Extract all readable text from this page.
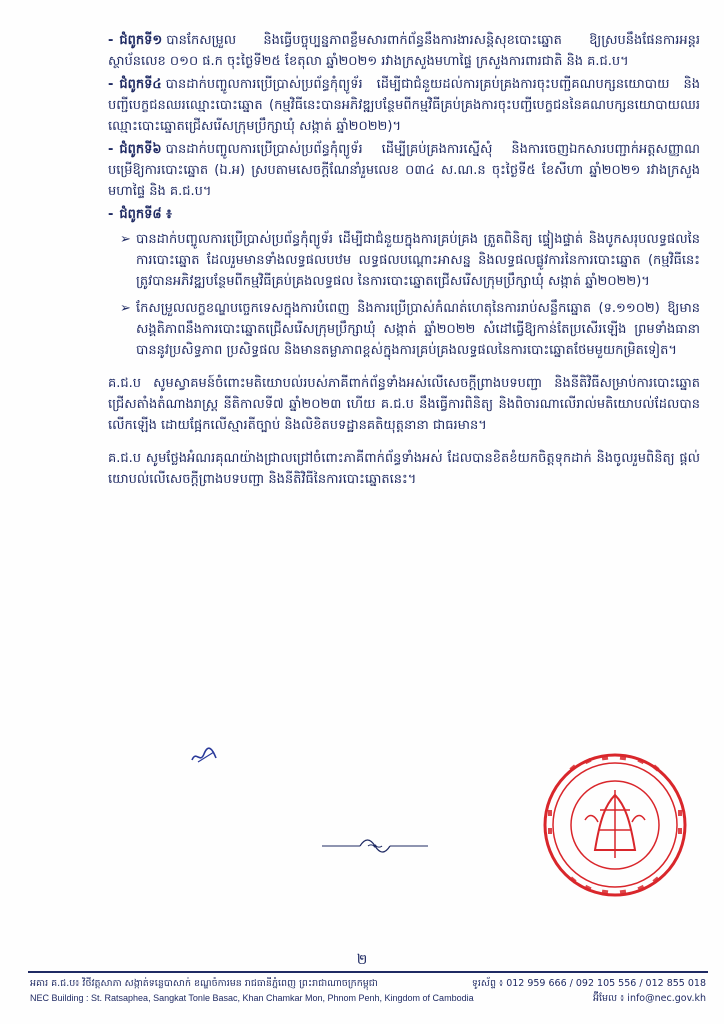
- ជំពូកទី១ បានកែសម្រួល និងធ្វើបច្ចុប្បន្នភាពខ្លឹមសារពាក់ព័ន្ធនឹងការងារសន្តិសុខបោះឆ្នោត ឱ្យស្របនឹងផែនការអន្តរស្ថាប័នលេខ ០១០ ផ.ក ចុះថ្ងៃទី២៥ ខែតុលា ឆ្នាំ២០២១ រវាងក្រសួងមហាផ្ទៃ ក្រសួងការពារជាតិ និង គ.ជ.ប។
- ជំពូកទី៤ បានដាក់បញ្ចូលការប្រើប្រាស់ប្រព័ន្ធកុំព្យូទ័រ ដើម្បីជាជំនួយដល់ការគ្រប់គ្រងការចុះបញ្ជីគណបក្សនយោបាយ និងបញ្ជីបេក្ខជនឈរឈ្មោះបោះឆ្នោត (កម្មវិធីនេះបានអភិវឌ្ឍបន្ថែមពីកម្មវិធីគ្រប់គ្រងការចុះបញ្ជីបេក្ខជននៃគណបក្សនយោបាយឈរឈ្មោះបោះឆ្នោតជ្រើសរើសក្រុមប្រឹក្សាឃុំ សង្កាត់ ឆ្នាំ២០២២)។
- ជំពូកទី៦ បានដាក់បញ្ចូលការប្រើប្រាស់ប្រព័ន្ធកុំព្យូទ័រ ដើម្បីគ្រប់គ្រងការស្នើសុំ និងការចេញឯកសារបញ្ជាក់អត្តសញ្ញាណបម្រើឱ្យការបោះឆ្នោត (ឯ.អ) ស្របតាមសេចក្តីណែនាំរួមលេខ ០៣៤ ស.ណ.ន ចុះថ្ងៃទី៥ ខែសីហា ឆ្នាំ២០២១ រវាងក្រសួងមហាផ្ទៃ និង គ.ជ.ប។
- ជំពូកទី៨ ៖
➢ បានដាក់បញ្ចូលការប្រើប្រាស់ប្រព័ន្ធកុំព្យូទ័រ ដើម្បីជាជំនួយក្នុងការគ្រប់គ្រង ត្រួតពិនិត្យ ផ្ទៀងផ្ទាត់ និងបូកសរុបលទ្ធផលនៃការបោះឆ្នោត ដែលរួមមានទាំងលទ្ធផលបឋម លទ្ធផលបណ្តោះអាសន្ន និងលទ្ធផលផ្លូវការនៃការបោះឆ្នោត (កម្មវិធីនេះត្រូវបានអភិវឌ្ឍបន្ថែមពីកម្មវិធីគ្រប់គ្រងលទ្ធផល នៃការបោះឆ្នោតជ្រើសរើសក្រុមប្រឹក្សាឃុំ សង្កាត់ ឆ្នាំ២០២២)។
➢ កែសម្រួលលក្ខខណ្ឌបច្ចេកទេសក្នុងការបំពេញ និងការប្រើប្រាស់កំណត់ហេតុនៃការរាប់សន្លឹកឆ្នោត (ទ.១១០២) ឱ្យមានសង្គតិភាពនឹងការបោះឆ្នោតជ្រើសរើសក្រុមប្រឹក្សាឃុំ សង្កាត់ ឆ្នាំ២០២២ សំដៅធ្វើឱ្យកាន់តែប្រសើរឡើង ព្រមទាំងធានាបាននូវប្រសិទ្ធភាព ប្រសិទ្ធផល និងមានតម្លាភាពខ្ពស់ក្នុងការគ្រប់គ្រងលទ្ធផលនៃការបោះឆ្នោតថែមមួយកម្រិតទៀត។

គ.ជ.ប សូមស្វាគមន៍ចំពោះមតិយោបល់របស់ភាគីពាក់ព័ន្ធទាំងអស់លើសេចក្តីព្រាងបទបញ្ជា និងនីតិវិធីសម្រាប់ការបោះឆ្នោតជ្រើសតាំងតំណាងរាស្ត្រ នីតិកាលទី៧ ឆ្នាំ២០២៣ ហើយ គ.ជ.ប នឹងធ្វើការពិនិត្យ និងពិចារណាលើរាល់មតិយោបល់ដែលបានលើកឡើង ដោយផ្អែកលើស្មារតីច្បាប់ និងលិខិតបទដ្ឋានគតិយុត្តនានា ជាធរមាន។

គ.ជ.ប សូមថ្លែងអំណរគុណយ៉ាងជ្រាលជ្រៅចំពោះភាគីពាក់ព័ន្ធទាំងអស់ ដែលបានខិតខំយកចិត្តទុកដាក់ និងចូលរួមពិនិត្យ ផ្តល់យោបល់លើសេចក្តីព្រាងបទបញ្ជា និងនីតិវិធីនៃការបោះឆ្នោតនេះ។

២
អគារ គ.ជ.ប៖ វិថីវត្តសាភា សង្កាត់ទន្លេបាសាក់ ខណ្ឌចំការមន រាជធានីភ្នំពេញ ព្រះរាជាណាចក្រកម្ពុជា	ទូរស័ព្ទ ៖ 012 959 666 / 092 105 556 / 012 855 018
NEC Building : St. Ratsaphea, Sangkat Tonle Basac, Khan Chamkar Mon, Phnom Penh, Kingdom of Cambodia	អ៊ីមែល ៖ info@nec.gov.kh
